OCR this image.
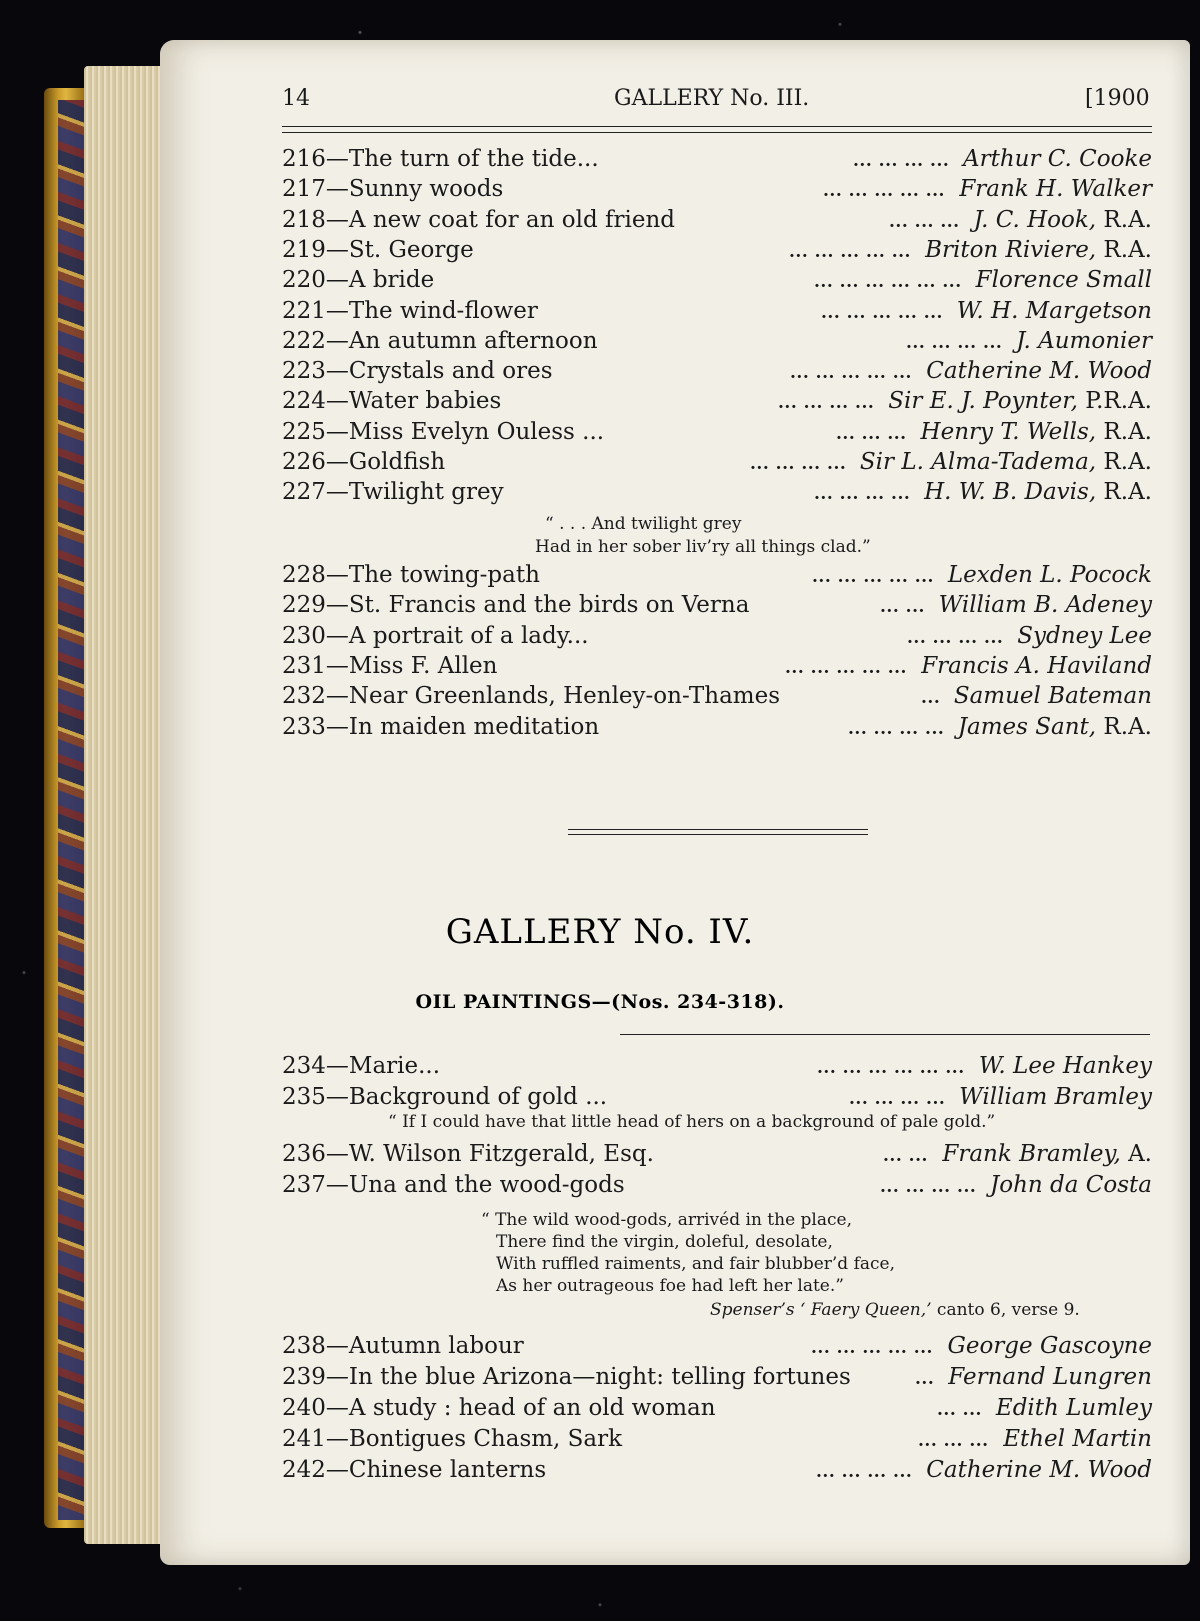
14	GALLERY No. III.	[1900
216—The turn of the tide...	... ... ... ... Arthur C. Cooke
217—Sunny woods	... ... ... ... ... Frank H. Walker
218—A new coat for an old friend	... ... ... J. C. Hook, R.A.
219—St. George	... ... ... ... ... Briton Riviere, R.A.
220—A bride	... ... ... ... ... ... Florence Small
221—The wind-flower	... ... ... ... ... W. H. Margetson
222—An autumn afternoon	... ... ... ... J. Aumonier
223—Crystals and ores	... ... ... ... ... Catherine M. Wood
224—Water babies	... ... ... ... Sir E. J. Poynter, P.R.A.
225—Miss Evelyn Ouless ...	... ... ... Henry T. Wells, R.A.
226—Goldfish	... ... ... ... Sir L. Alma-Tadema, R.A.
227—Twilight grey	... ... ... ... H. W. B. Davis, R.A.
“ . . . And twilight grey
Had in her sober liv’ry all things clad.”
228—The towing-path	... ... ... ... ... Lexden L. Pocock
229—St. Francis and the birds on Verna	... ... William B. Adeney
230—A portrait of a lady...	... ... ... ... Sydney Lee
231—Miss F. Allen	... ... ... ... ... Francis A. Haviland
232—Near Greenlands, Henley-on-Thames	... Samuel Bateman
233—In maiden meditation	... ... ... ... James Sant, R.A.
GALLERY No. IV.
OIL PAINTINGS—(Nos. 234-318).
234—Marie...	... ... ... ... ... ... W. Lee Hankey
235—Background of gold ...	... ... ... ... William Bramley
“ If I could have that little head of hers on a background of pale gold.”
236—W. Wilson Fitzgerald, Esq.	... ... Frank Bramley, A.
237—Una and the wood-gods	... ... ... ... John da Costa
“ The wild wood-gods, arrivéd in the place,
There find the virgin, doleful, desolate,
With ruffled raiments, and fair blubber’d face,
As her outrageous foe had left her late.”
Spenser’s ‘ Faery Queen,’ canto 6, verse 9.
238—Autumn labour	... ... ... ... ... George Gascoyne
239—In the blue Arizona—night: telling fortunes	... Fernand Lungren
240—A study : head of an old woman	... ... Edith Lumley
241—Bontigues Chasm, Sark	... ... ... Ethel Martin
242—Chinese lanterns	... ... ... ... Catherine M. Wood
